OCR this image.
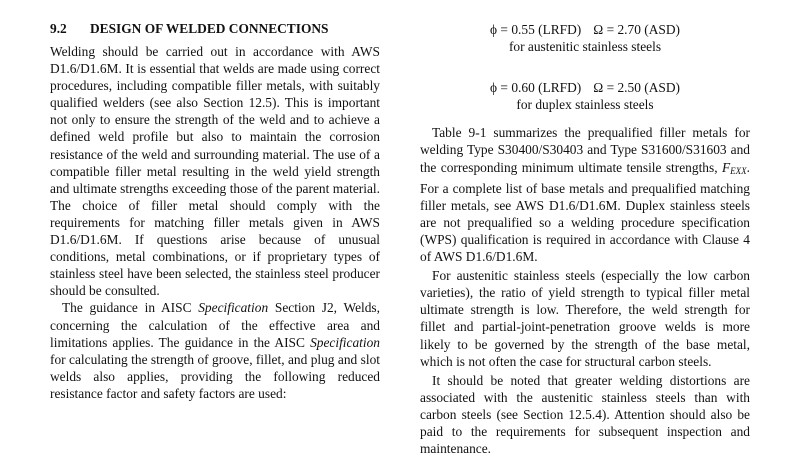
9.2 DESIGN OF WELDED CONNECTIONS

Welding should be carried out in accordance with AWS D1.6/D1.6M. It is essential that welds are made using correct procedures, including compatible filler metals, with suitably qualified welders (see also Section 12.5). This is important not only to ensure the strength of the weld and to achieve a defined weld profile but also to maintain the corrosion resistance of the weld and surrounding material. The use of a compatible filler metal resulting in the weld yield strength and ultimate strengths exceeding those of the parent material. The choice of filler metal should comply with the requirements for matching filler metals given in AWS D1.6/D1.6M. If questions arise because of unusual conditions, metal combinations, or if proprietary types of stainless steel have been selected, the stainless steel producer should be consulted.

The guidance in AISC Specification Section J2, Welds, concerning the calculation of the effective area and limitations applies. The guidance in the AISC Specification for calculating the strength of groove, fillet, and plug and slot welds also applies, providing the following reduced resistance factor and safety factors are used:

ϕ = 0.55 (LRFD) Ω = 2.70 (ASD)
for austenitic stainless steels
ϕ = 0.60 (LRFD) Ω = 2.50 (ASD)
for duplex stainless steels

Table 9-1 summarizes the prequalified filler metals for welding Type S30400/S30403 and Type S31600/S31603 and the corresponding minimum ultimate tensile strengths, $F_{EXX}$. For a complete list of base metals and prequalified matching filler metals, see AWS D1.6/D1.6M. Duplex stainless steels are not prequalified so a welding procedure specification (WPS) qualification is required in accordance with Clause 4 of AWS D1.6/D1.6M.

For austenitic stainless steels (especially the low carbon varieties), the ratio of yield strength to typical filler metal ultimate strength is low. Therefore, the weld strength for fillet and partial-joint-penetration groove welds is more likely to be governed by the strength of the base metal, which is not often the case for structural carbon steels.

It should be noted that greater welding distortions are associated with the austenitic stainless steels than with carbon steels (see Section 12.5.4). Attention should also be paid to the requirements for subsequent inspection and maintenance.
